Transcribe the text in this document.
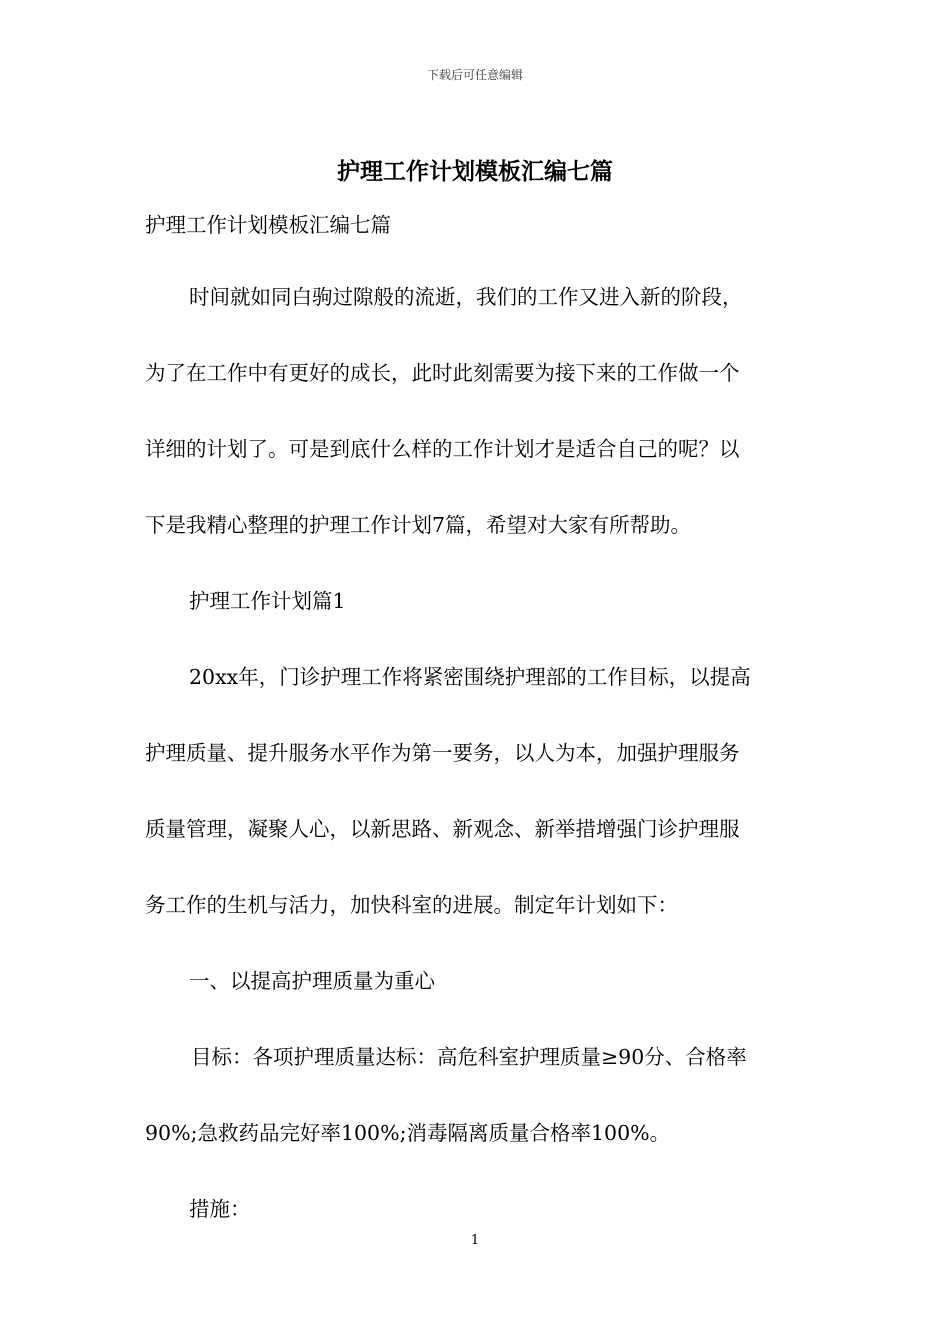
下载后可任意编辑
护理工作计划模板汇编七篇
护理工作计划模板汇编七篇
时间就如同白驹过隙般的流逝，我们的工作又进入新的阶段，
为了在工作中有更好的成长，此时此刻需要为接下来的工作做一个
详细的计划了。可是到底什么样的工作计划才是适合自己的呢？以
下是我精心整理的护理工作计划7篇，希望对大家有所帮助。
护理工作计划篇1
20xx年，门诊护理工作将紧密围绕护理部的工作目标，以提高
护理质量、提升服务水平作为第一要务，以人为本，加强护理服务
质量管理，凝聚人心，以新思路、新观念、新举措增强门诊护理服
务工作的生机与活力，加快科室的进展。制定年计划如下：
一、以提高护理质量为重心
目标：各项护理质量达标：高危科室护理质量≥90分、合格率
90%;急救药品完好率100%;消毒隔离质量合格率100%。
措施：
1
